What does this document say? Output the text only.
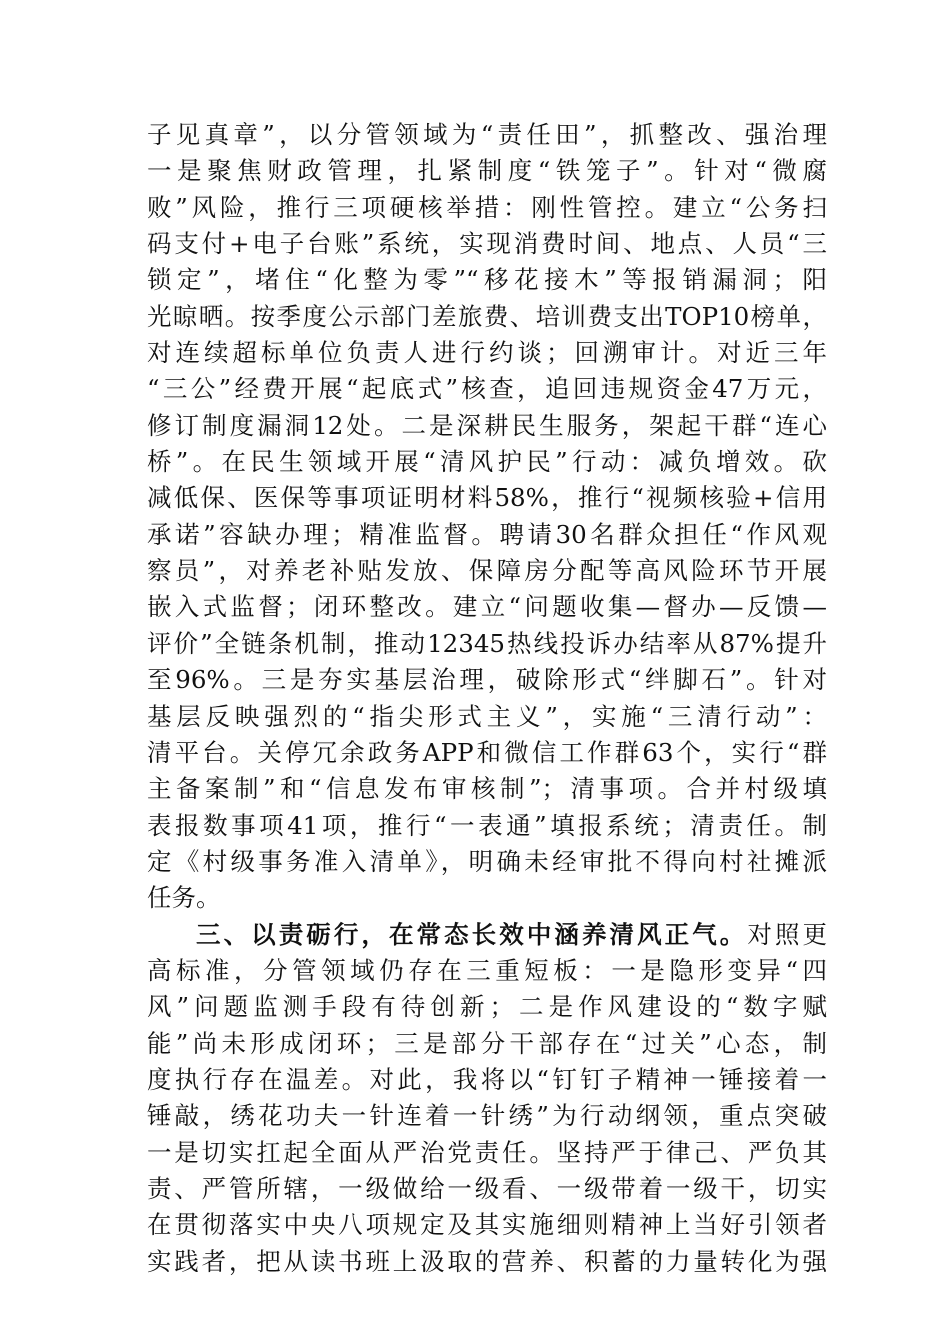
子见真章”，以分管领域为“责任田”，抓整改、强治理
一是聚焦财政管理，扎紧制度“铁笼子”。针对“微腐
败”风险，推行三项硬核举措：刚性管控。建立“公务扫
码支付+电子台账”系统，实现消费时间、地点、人员“三
锁定”，堵住“化整为零”“移花接木”等报销漏洞；阳
光晾晒。按季度公示部门差旅费、培训费支出TOP10榜单，
对连续超标单位负责人进行约谈；回溯审计。对近三年
“三公”经费开展“起底式”核查，追回违规资金47万元，
修订制度漏洞12处。二是深耕民生服务，架起干群“连心
桥”。在民生领域开展“清风护民”行动：减负增效。砍
减低保、医保等事项证明材料58%，推行“视频核验+信用
承诺”容缺办理；精准监督。聘请30名群众担任“作风观
察员”，对养老补贴发放、保障房分配等高风险环节开展
嵌入式监督；闭环整改。建立“问题收集—督办—反馈—
评价”全链条机制，推动12345热线投诉办结率从87%提升
至96%。三是夯实基层治理，破除形式“绊脚石”。针对
基层反映强烈的“指尖形式主义”，实施“三清行动”：
清平台。关停冗余政务APP和微信工作群63个，实行“群
主备案制”和“信息发布审核制”；清事项。合并村级填
表报数事项41项，推行“一表通”填报系统；清责任。制
定《村级事务准入清单》，明确未经审批不得向村社摊派
任务。
三、以责砺行，在常态长效中涵养清风正气。对照更
高标准，分管领域仍存在三重短板：一是隐形变异“四
风”问题监测手段有待创新；二是作风建设的“数字赋
能”尚未形成闭环；三是部分干部存在“过关”心态，制
度执行存在温差。对此，我将以“钉钉子精神一锤接着一
锤敲，绣花功夫一针连着一针绣”为行动纲领，重点突破
一是切实扛起全面从严治党责任。坚持严于律己、严负其
责、严管所辖，一级做给一级看、一级带着一级干，切实
在贯彻落实中央八项规定及其实施细则精神上当好引领者
实践者，把从读书班上汲取的营养、积蓄的力量转化为强
